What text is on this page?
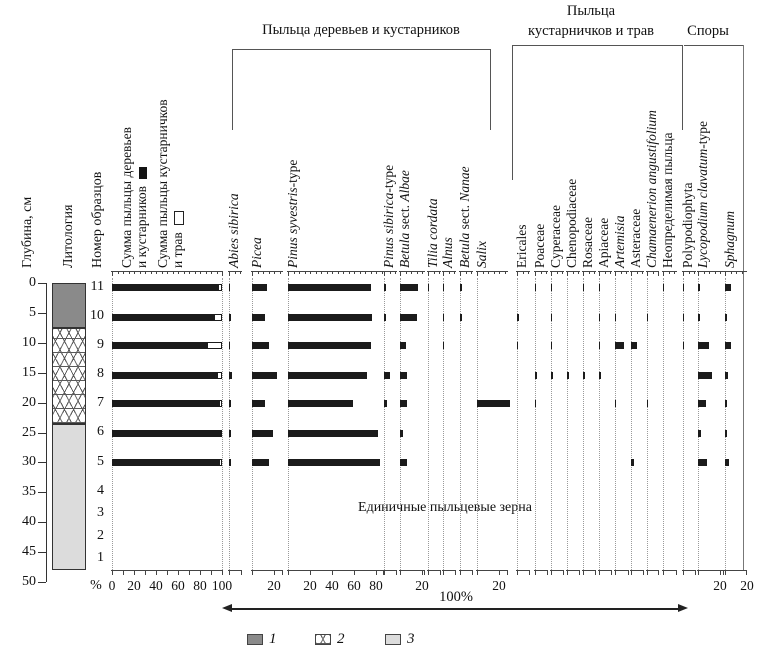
Пыльца деревьев и кустарников
Пыльца
кустарничков и трав	Споры
Глубина, см Литология Номер образцов Сумма пыльцы деревьев и кустарников Сумма пыльцы кустарничков и трав
%
Единичные пыльцевые зерна
100%
1	2	3
0
5
10
15
20
25
30
35
40
45
50
11
10
9
8
7
6
5
4
3
2
1
0 20 40 60 80 100
Abies sibirica
20
Picea
20 40 60 80
Pinus syvestris-type
Pinus sibirica-type
20
Betula sect. Albae
Tilia cordata Alnus Betula sect. Nanae
20
Salix Ericales Poaceae Cyperaceae Chenopodiaceae Rosaceae Apiaceae Artemisia Asteraceae Chamaenerion angustifolium Неопределимая пыльца Polypodiophyta
20
Lycopodium clavatum-type
20
Sphagnum
